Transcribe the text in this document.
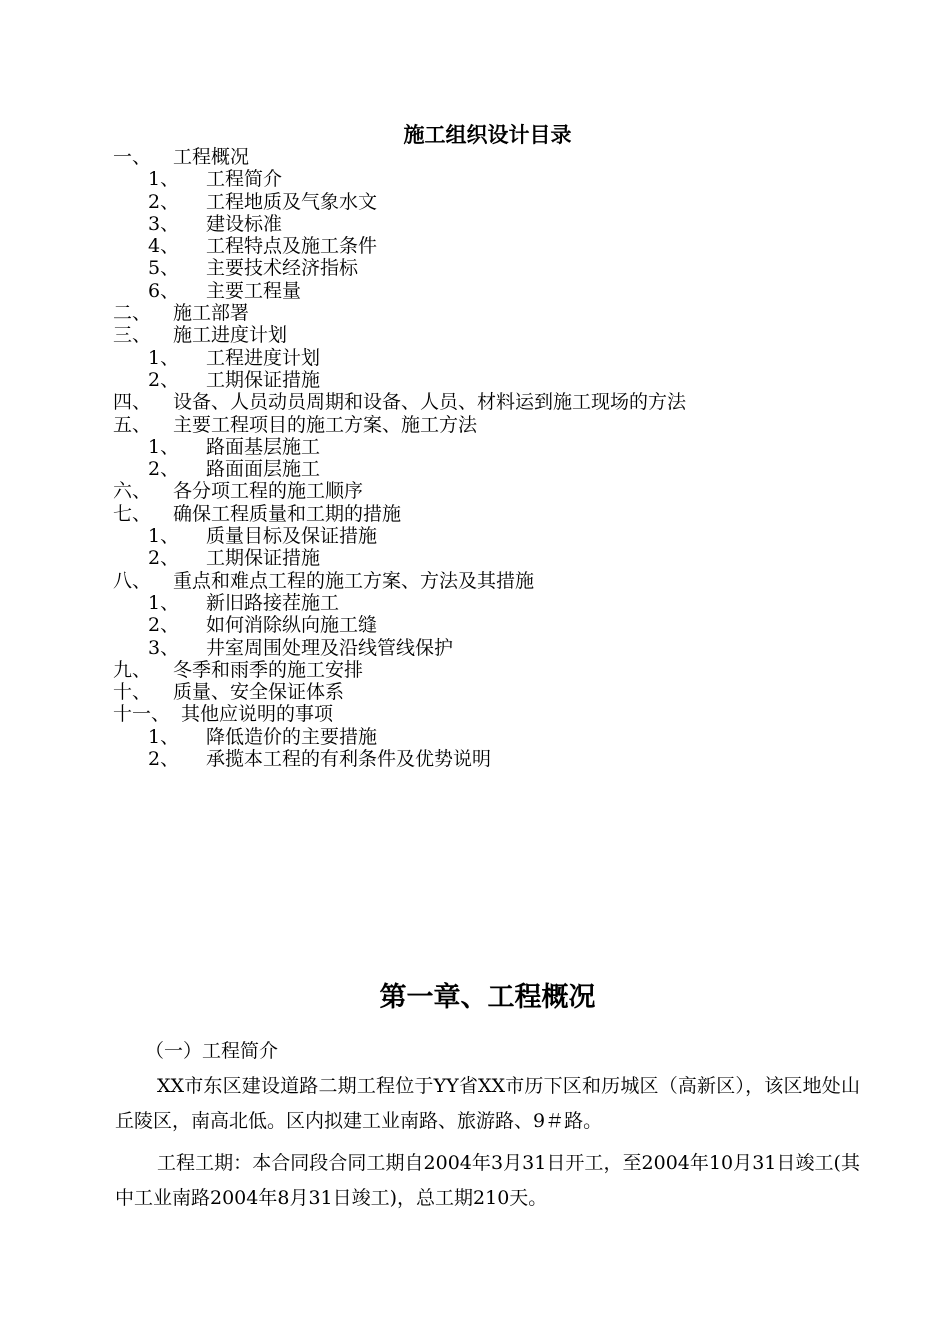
施工组织设计目录
一、 工程概况
1、 工程简介
2、 工程地质及气象水文
3、 建设标准
4、 工程特点及施工条件
5、 主要技术经济指标
6、 主要工程量
二、 施工部署
三、 施工进度计划
1、 工程进度计划
2、 工期保证措施
四、 设备、人员动员周期和设备、人员、材料运到施工现场的方法
五、 主要工程项目的施工方案、施工方法
1、 路面基层施工
2、 路面面层施工
六、 各分项工程的施工顺序
七、 确保工程质量和工期的措施
1、 质量目标及保证措施
2、 工期保证措施
八、 重点和难点工程的施工方案、方法及其措施
1、 新旧路接茬施工
2、 如何消除纵向施工缝
3、 井室周围处理及沿线管线保护
九、 冬季和雨季的施工安排
十、 质量、安全保证体系
十一、 其他应说明的事项
1、 降低造价的主要措施
2、 承揽本工程的有利条件及优势说明
第一章、工程概况
（一）工程简介
XX市东区建设道路二期工程位于YY省XX市历下区和历城区（高新区），该区地处山丘陵区，南高北低。区内拟建工业南路、旅游路、9＃路。
工程工期：本合同段合同工期自2004年3月31日开工，至2004年10月31日竣工(其中工业南路2004年8月31日竣工)，总工期210天。
